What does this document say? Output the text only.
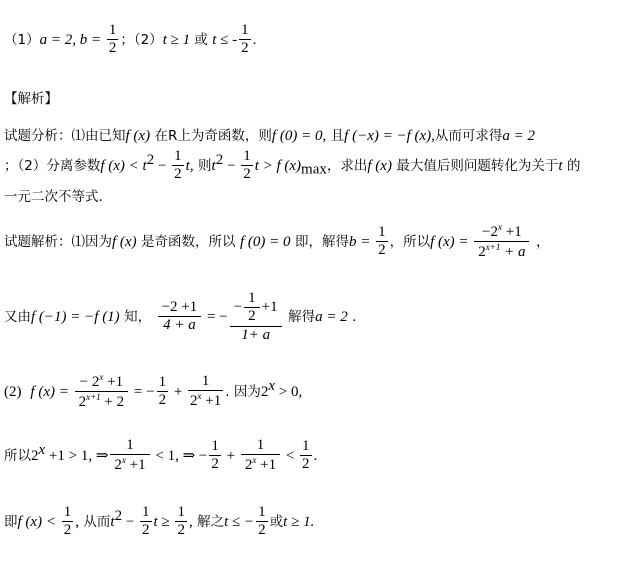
（1）a = 2, $b = \frac{1}{2}$ ；（2）t ≥ 1 或 t ≤ - $\frac{1}{2}$ .
【解析】
试题分析：⑴由已知f (x) 在R上为奇函数，则f (0) = 0, 且f (−x) = −f (x),从而可求得a = 2
；（2）分离参数f $(x) < t^2 - \frac{1}{2} t$, 则$t^2 - \frac{1}{2}$ t > f $(x)_{max}$，求出f (x) 最大值后则问题转化为关于t 的
一元二次不等式.
试题解析：⑴因为f (x) 是奇函数，所以 f (0) = 0 即，解得$b = \frac{1}{2}$ ，所以f $(x) = \frac{-2^x +1}{2^{x+1} + a}$ ，
又由f (−1) = −f (1) 知， $\frac{-2 +1}{4 + a}$ = − $\frac{- \frac{1}{2} +1}{1+ a}$ 解得a = 2 ．
(2) f $(x) = \frac{- 2^x +1}{2^{x+1} + 2}$ = − $\frac{1}{2} + \frac{1}{2^x +1}$ . 因为$2^x > 0$,
所以$2^x +1 > 1$, ⇒ $\frac{1}{2^x +1} < 1$, ⇒ − $\frac{1}{2} + \frac{1}{2^x +1} < \frac{1}{2}$ .
即f $(x) < \frac{1}{2}$ , 从而$t^2 - \frac{1}{2}$ $t \ge \frac{1}{2}$ , 解之t ≤ − $\frac{1}{2}$ 或t ≥ 1.
